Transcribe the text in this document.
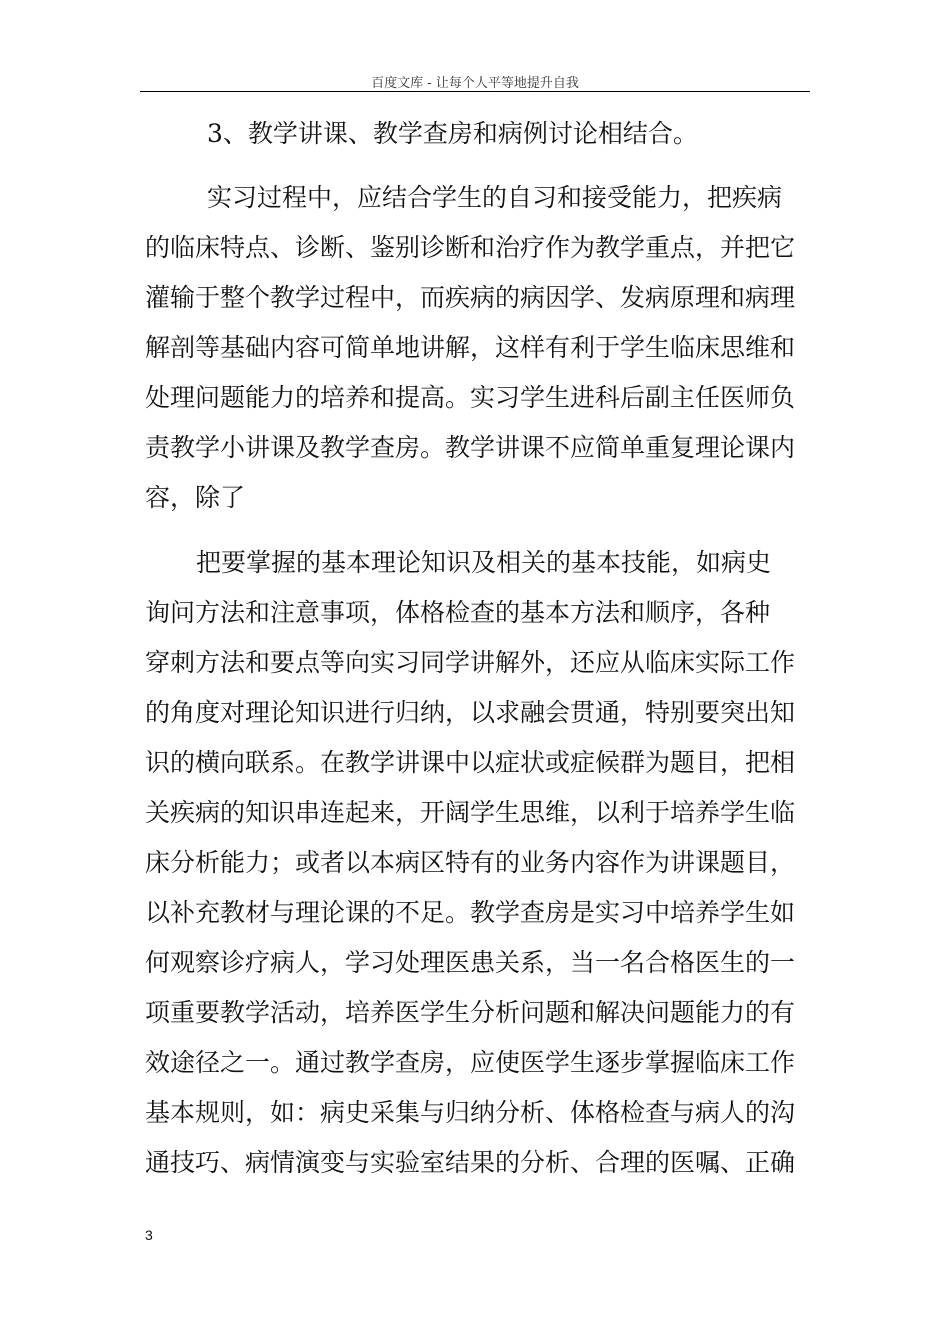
百度文库 - 让每个人平等地提升自我
3、教学讲课、教学查房和病例讨论相结合。
实习过程中，应结合学生的自习和接受能力，把疾病
的临床特点、诊断、鉴别诊断和治疗作为教学重点，并把它
灌输于整个教学过程中，而疾病的病因学、发病原理和病理
解剖等基础内容可简单地讲解，这样有利于学生临床思维和
处理问题能力的培养和提高。实习学生进科后副主任医师负
责教学小讲课及教学查房。教学讲课不应简单重复理论课内
容，除了
把要掌握的基本理论知识及相关的基本技能，如病史
询问方法和注意事项，体格检查的基本方法和顺序，各种
穿刺方法和要点等向实习同学讲解外，还应从临床实际工作
的角度对理论知识进行归纳，以求融会贯通，特别要突出知
识的横向联系。在教学讲课中以症状或症候群为题目，把相
关疾病的知识串连起来，开阔学生思维，以利于培养学生临
床分析能力；或者以本病区特有的业务内容作为讲课题目，
以补充教材与理论课的不足。教学查房是实习中培养学生如
何观察诊疗病人，学习处理医患关系，当一名合格医生的一
项重要教学活动，培养医学生分析问题和解决问题能力的有
效途径之一。通过教学查房，应使医学生逐步掌握临床工作
基本规则，如：病史采集与归纳分析、体格检查与病人的沟
通技巧、病情演变与实验室结果的分析、合理的医嘱、正确
3
